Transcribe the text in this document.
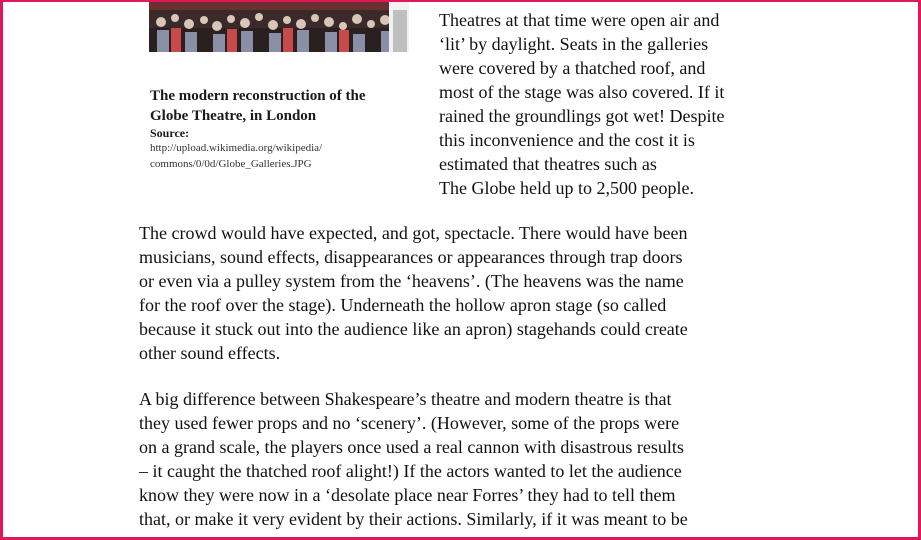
The modern reconstruction of the
Globe Theatre, in London
Source:
http://upload.wikimedia.org/wikipedia/
commons/0/0d/Globe_Galleries.JPG
Theatres at that time were open air and
‘lit’ by daylight. Seats in the galleries
were covered by a thatched roof, and
most of the stage was also covered. If it
rained the groundlings got wet! Despite
this inconvenience and the cost it is
estimated that theatres such as
The Globe held up to 2,500 people.
The crowd would have expected, and got, spectacle. There would have been
musicians, sound effects, disappearances or appearances through trap doors
or even via a pulley system from the ‘heavens’. (The heavens was the name
for the roof over the stage). Underneath the hollow apron stage (so called
because it stuck out into the audience like an apron) stagehands could create
other sound effects.
A big difference between Shakespeare’s theatre and modern theatre is that
they used fewer props and no ‘scenery’. (However, some of the props were
on a grand scale, the players once used a real cannon with disastrous results
– it caught the thatched roof alight!) If the actors wanted to let the audience
know they were now in a ‘desolate place near Forres’ they had to tell them
that, or make it very evident by their actions. Similarly, if it was meant to be
